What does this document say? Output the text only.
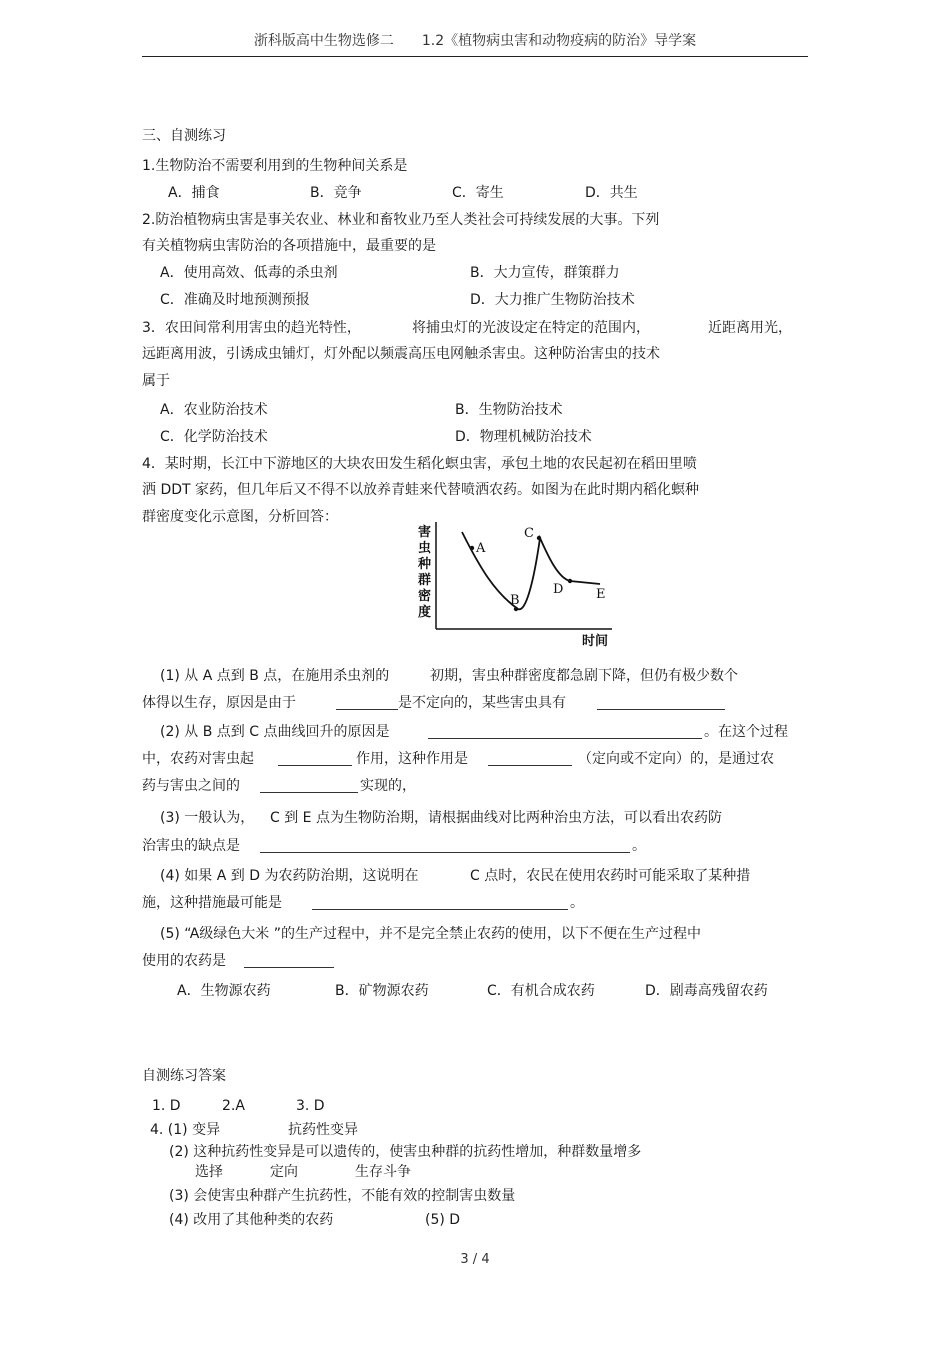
浙科版高中生物选修二　　1.2《植物病虫害和动物疫病的防治》导学案
三、自测练习
1.生物防治不需要利用到的生物种间关系是
A．捕食	B．竞争	C．寄生	D．共生
2.防治植物病虫害是事关农业、林业和畜牧业乃至人类社会可持续发展的大事。下列
有关植物病虫害防治的各项措施中，最重要的是
A．使用高效、低毒的杀虫剂	B．大力宣传，群策群力
C．准确及时地预测预报	D．大力推广生物防治技术
3．农田间常利用害虫的趋光特性，	将捕虫灯的光波设定在特定的范围内，	近距离用光，
远距离用波，引诱成虫铺灯，灯外配以频震高压电网触杀害虫。这种防治害虫的技术
属于
A．农业防治技术	B．生物防治技术
C．化学防治技术	D．物理机械防治技术
4．某时期，长江中下游地区的大块农田发生稻化螟虫害，承包土地的农民起初在稻田里喷
洒 DDT 家药，但几年后又不得不以放养青蛙来代替喷洒农药。如图为在此时期内稻化螟种
群密度变化示意图，分析回答：
害
虫
种
群
密
度
A
B
C
D	E
时间
(1) 从 A 点到 B 点，在施用杀虫剂的	初期，害虫种群密度都急剧下降，但仍有极少数个
体得以生存，原因是由于	是不定向的，某些害虫具有
(2) 从 B 点到 C 点曲线回升的原因是	。在这个过程
中，农药对害虫起	作用，这种作用是	（定向或不定向）的，是通过农
药与害虫之间的	实现的，
(3) 一般认为， C 到 E 点为生物防治期，请根据曲线对比两种治虫方法，可以看出农药防
治害虫的缺点是	。
(4) 如果 A 到 D 为农药防治期，这说明在	C 点时，农民在使用农药时可能采取了某种措
施，这种措施最可能是	。
(5) “A级绿色大米 ”的生产过程中，并不是完全禁止农药的使用，以下不便在生产过程中
使用的农药是
A．生物源农药	B．矿物源农药	C．有机合成农药	D．剧毒高残留农药
自测练习答案
1. D	2.A	3. D
4. (1) 变异	抗药性变异
(2) 这种抗药性变异是可以遗传的，使害虫种群的抗药性增加，种群数量增多
选择	定向	生存斗争
(3) 会使害虫种群产生抗药性，不能有效的控制害虫数量
(4) 改用了其他种类的农药	(5) D
3 / 4
